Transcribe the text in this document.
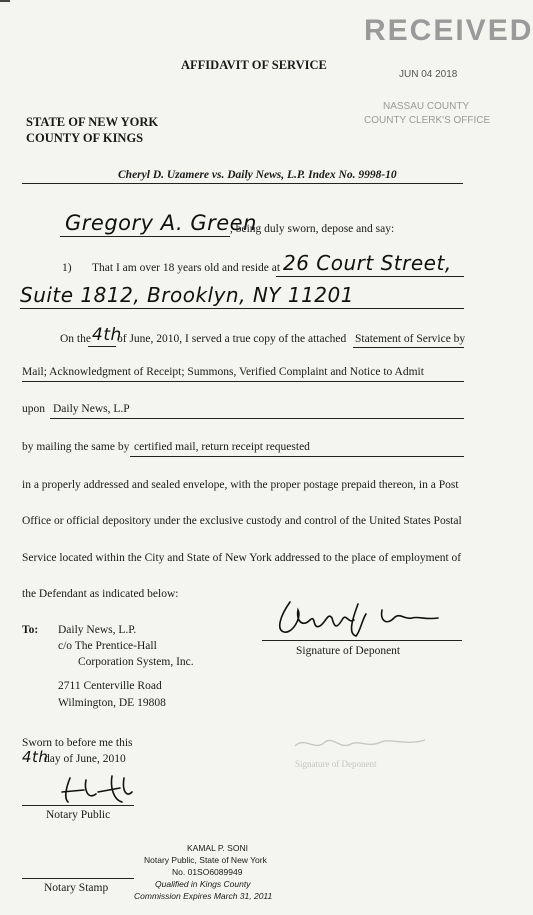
RECEIVED
JUN 04 2018
NASSAU COUNTY
COUNTY CLERK'S OFFICE
AFFIDAVIT OF SERVICE
STATE OF NEW YORK
COUNTY OF KINGS
Cheryl D. Uzamere vs. Daily News, L.P. Index No. 9998-10
Gregory A. Green
, being duly sworn, depose and say:
1) That I am over 18 years old and reside at 26 Court Street,
Suite 1812, Brooklyn, NY 11201
On the 4th
of June, 2010, I served a true copy of the attached Statement of Service by
Mail; Acknowledgment of Receipt; Summons, Verified Complaint and Notice to Admit
upon Daily News, L.P
by mailing the same by certified mail, return receipt requested
in a properly addressed and sealed envelope, with the proper postage prepaid thereon, in a Post
Office or official depository under the exclusive custody and control of the United States Postal
Service located within the City and State of New York addressed to the place of employment of
the Defendant as indicated below:
To: Daily News, L.P.
c/o The Prentice-Hall
Corporation System, Inc.
2711 Centerville Road
Wilmington, DE 19808
Signature of Deponent
Signature of Deponent
Sworn to before me this
4th
day of June, 2010
Notary Public
KAMAL P. SONI
Notary Public, State of New York
No. 01SO6089949
Qualified in Kings County
Commission Expires March 31, 2011
Notary Stamp
